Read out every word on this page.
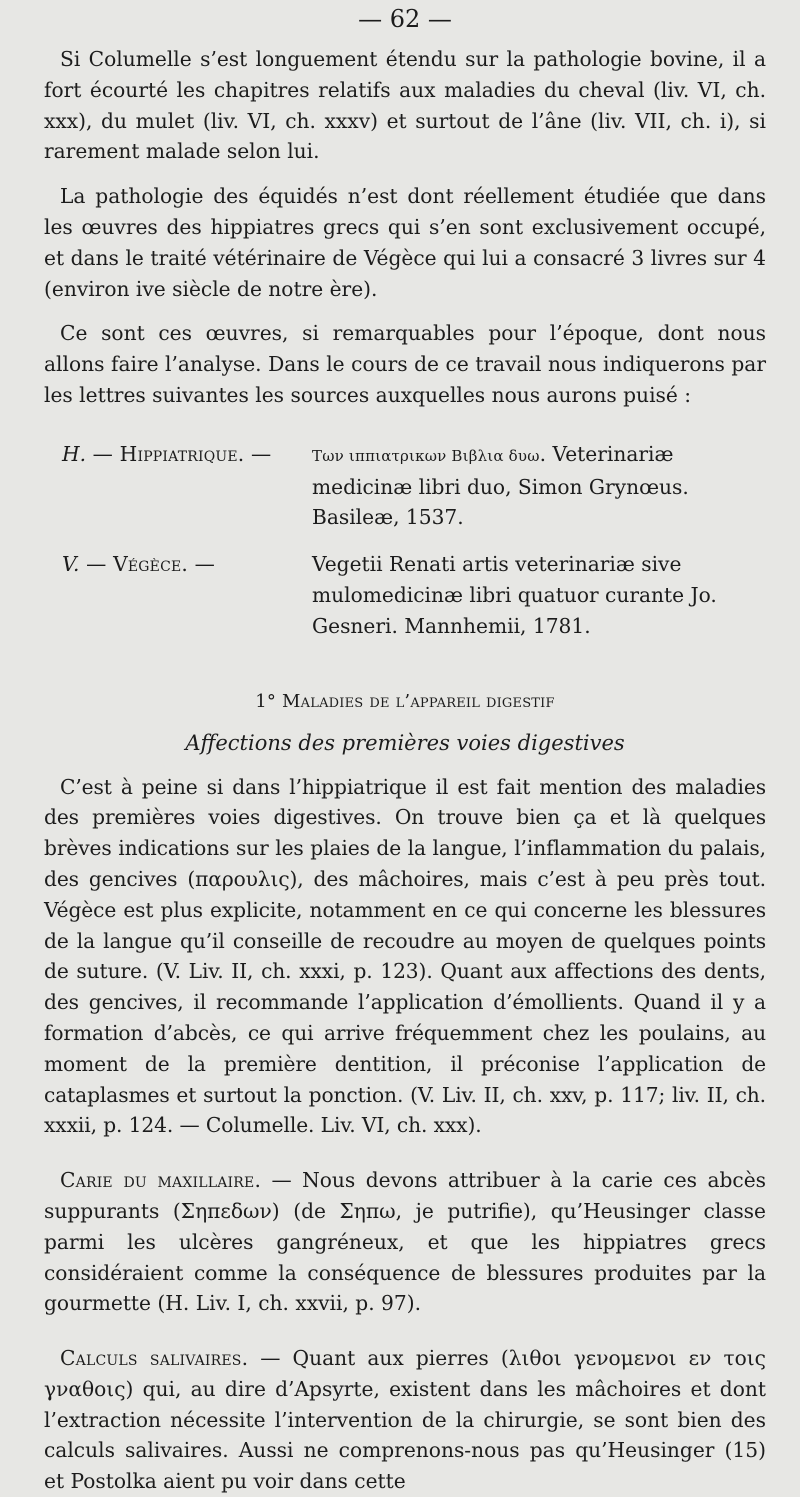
— 62 —

Si Columelle s’est longuement étendu sur la pathologie bovine, il a fort écourté les chapitres relatifs aux maladies du cheval (liv. VI, ch. xxx), du mulet (liv. VI, ch. xxxv) et surtout de l’âne (liv. VII, ch. i), si rarement malade selon lui.

La pathologie des équidés n’est dont réellement étudiée que dans les œuvres des hippiatres grecs qui s’en sont exclusivement occupé, et dans le traité vétérinaire de Végèce qui lui a consacré 3 livres sur 4 (environ ive siècle de notre ère).

Ce sont ces œuvres, si remarquables pour l’époque, dont nous allons faire l’analyse. Dans le cours de ce travail nous indiquerons par les lettres suivantes les sources auxquelles nous aurons puisé :

H. — Hippiatrique. —	Των ιππιατρικων Βιβλια δυω. Veterinariæ medicinæ libri duo, Simon Grynœus. Basileæ, 1537.
V. — Végèce. —	Vegetii Renati artis veterinariæ sive mulomedicinæ libri quatuor curante Jo. Gesneri. Mannhemii, 1781.
1° Maladies de l’appareil digestif
Affections des premières voies digestives

C’est à peine si dans l’hippiatrique il est fait mention des maladies des premières voies digestives. On trouve bien ça et là quelques brèves indications sur les plaies de la langue, l’inflammation du palais, des gencives (παρουλις), des mâchoires, mais c’est à peu près tout. Végèce est plus explicite, notamment en ce qui concerne les blessures de la langue qu’il conseille de recoudre au moyen de quelques points de suture. (V. Liv. II, ch. xxxi, p. 123). Quant aux affections des dents, des gencives, il recommande l’application d’émollients. Quand il y a formation d’abcès, ce qui arrive fréquemment chez les poulains, au moment de la première dentition, il préconise l’application de cataplasmes et surtout la ponction. (V. Liv. II, ch. xxv, p. 117; liv. II, ch. xxxii, p. 124. — Columelle. Liv. VI, ch. xxx).

Carie du maxillaire. — Nous devons attribuer à la carie ces abcès suppurants (Σηπεδων) (de Σηπω, je putrifie), qu’Heusinger classe parmi les ulcères gangréneux, et que les hippiatres grecs considéraient comme la conséquence de blessures produites par la gourmette (H. Liv. I, ch. xxvii, p. 97).

Calculs salivaires. — Quant aux pierres (λιθοι γενομενοι εν τοις γναθοις) qui, au dire d’Apsyrte, existent dans les mâchoires et dont l’extraction nécessite l’intervention de la chirurgie, se sont bien des calculs salivaires. Aussi ne comprenons-nous pas qu’Heusinger (15) et Postolka aient pu voir dans cette
